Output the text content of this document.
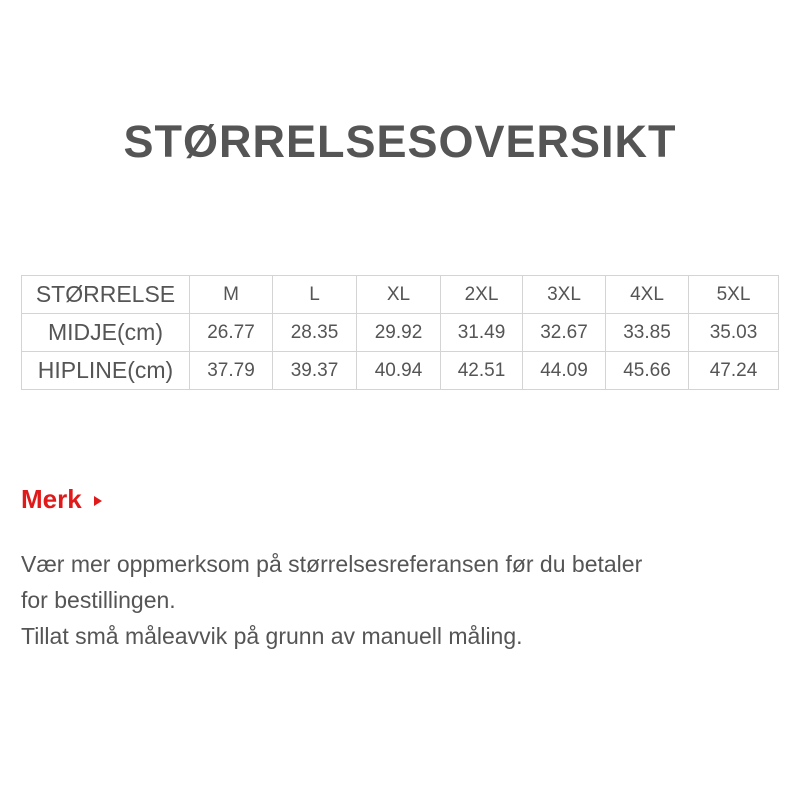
STØRRELSESOVERSIKT
STØRRELSE	M	L	XL	2XL	3XL	4XL	5XL
MIDJE(cm)	26.77	28.35	29.92	31.49	32.67	33.85	35.03
HIPLINE(cm)	37.79	39.37	40.94	42.51	44.09	45.66	47.24
Merk

Vær mer oppmerksom på størrelsesreferansen før du betaler

for bestillingen.

Tillat små måleavvik på grunn av manuell måling.
